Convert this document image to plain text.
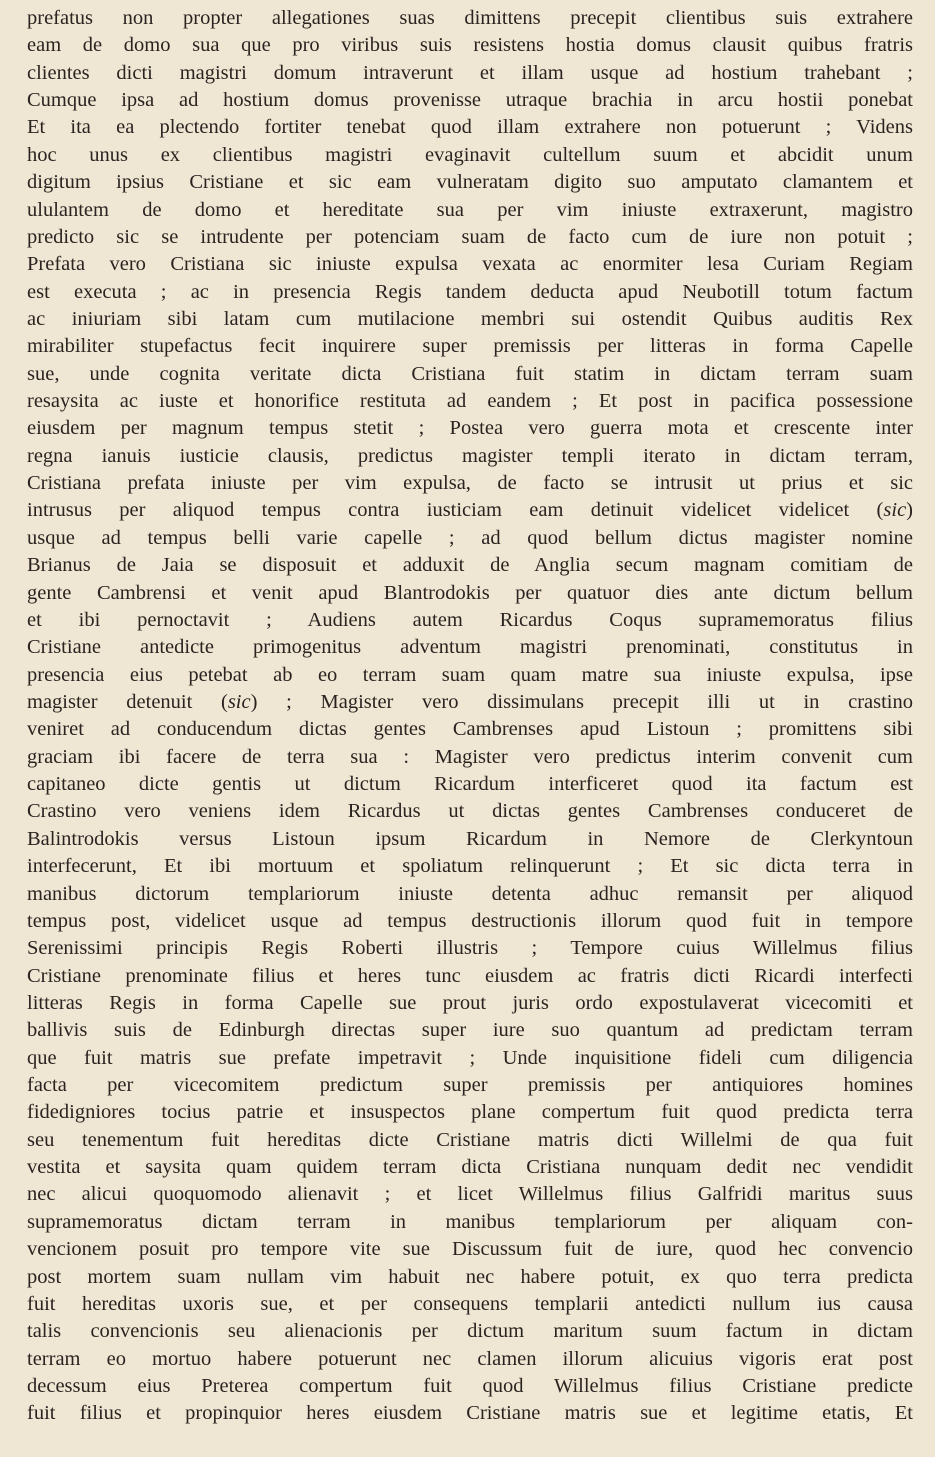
prefatus non propter allegationes suas dimittens precepit clientibus suis extrahere
eam de domo sua que pro viribus suis resistens hostia domus clausit quibus fratris
clientes dicti magistri domum intraverunt et illam usque ad hostium trahebant ;
Cumque ipsa ad hostium domus provenisse utraque brachia in arcu hostii ponebat
Et ita ea plectendo fortiter tenebat quod illam extrahere non potuerunt ; Videns
hoc unus ex clientibus magistri evaginavit cultellum suum et abcidit unum
digitum ipsius Cristiane et sic eam vulneratam digito suo amputato clamantem et
ululantem de domo et hereditate sua per vim iniuste extraxerunt, magistro
predicto sic se intrudente per potenciam suam de facto cum de iure non potuit ;
Prefata vero Cristiana sic iniuste expulsa vexata ac enormiter lesa Curiam Regiam
est executa ; ac in presencia Regis tandem deducta apud Neubotill totum factum
ac iniuriam sibi latam cum mutilacione membri sui ostendit Quibus auditis Rex
mirabiliter stupefactus fecit inquirere super premissis per litteras in forma Capelle
sue, unde cognita veritate dicta Cristiana fuit statim in dictam terram suam
resaysita ac iuste et honorifice restituta ad eandem ; Et post in pacifica possessione
eiusdem per magnum tempus stetit ; Postea vero guerra mota et crescente inter
regna ianuis iusticie clausis, predictus magister templi iterato in dictam terram,
Cristiana prefata iniuste per vim expulsa, de facto se intrusit ut prius et sic
intrusus per aliquod tempus contra iusticiam eam detinuit videlicet videlicet (sic)
usque ad tempus belli varie capelle ; ad quod bellum dictus magister nomine
Brianus de Jaia se disposuit et adduxit de Anglia secum magnam comitiam de
gente Cambrensi et venit apud Blantrodokis per quatuor dies ante dictum bellum
et ibi pernoctavit ; Audiens autem Ricardus Coqus supramemoratus filius
Cristiane antedicte primogenitus adventum magistri prenominati, constitutus in
presencia eius petebat ab eo terram suam quam matre sua iniuste expulsa, ipse
magister detenuit (sic) ; Magister vero dissimulans precepit illi ut in crastino
veniret ad conducendum dictas gentes Cambrenses apud Listoun ; promittens sibi
graciam ibi facere de terra sua : Magister vero predictus interim convenit cum
capitaneo dicte gentis ut dictum Ricardum interficeret quod ita factum est
Crastino vero veniens idem Ricardus ut dictas gentes Cambrenses conduceret de
Balintrodokis versus Listoun ipsum Ricardum in Nemore de Clerkyntoun
interfecerunt, Et ibi mortuum et spoliatum relinquerunt ; Et sic dicta terra in
manibus dictorum templariorum iniuste detenta adhuc remansit per aliquod
tempus post, videlicet usque ad tempus destructionis illorum quod fuit in tempore
Serenissimi principis Regis Roberti illustris ; Tempore cuius Willelmus filius
Cristiane prenominate filius et heres tunc eiusdem ac fratris dicti Ricardi interfecti
litteras Regis in forma Capelle sue prout juris ordo expostulaverat vicecomiti et
ballivis suis de Edinburgh directas super iure suo quantum ad predictam terram
que fuit matris sue prefate impetravit ; Unde inquisitione fideli cum diligencia
facta per vicecomitem predictum super premissis per antiquiores homines
fidedigniores tocius patrie et insuspectos plane compertum fuit quod predicta terra
seu tenementum fuit hereditas dicte Cristiane matris dicti Willelmi de qua fuit
vestita et saysita quam quidem terram dicta Cristiana nunquam dedit nec vendidit
nec alicui quoquomodo alienavit ; et licet Willelmus filius Galfridi maritus suus
supramemoratus dictam terram in manibus templariorum per aliquam con-
vencionem posuit pro tempore vite sue Discussum fuit de iure, quod hec convencio
post mortem suam nullam vim habuit nec habere potuit, ex quo terra predicta
fuit hereditas uxoris sue, et per consequens templarii antedicti nullum ius causa
talis convencionis seu alienacionis per dictum maritum suum factum in dictam
terram eo mortuo habere potuerunt nec clamen illorum alicuius vigoris erat post
decessum eius Preterea compertum fuit quod Willelmus filius Cristiane predicte
fuit filius et propinquior heres eiusdem Cristiane matris sue et legitime etatis, Et
